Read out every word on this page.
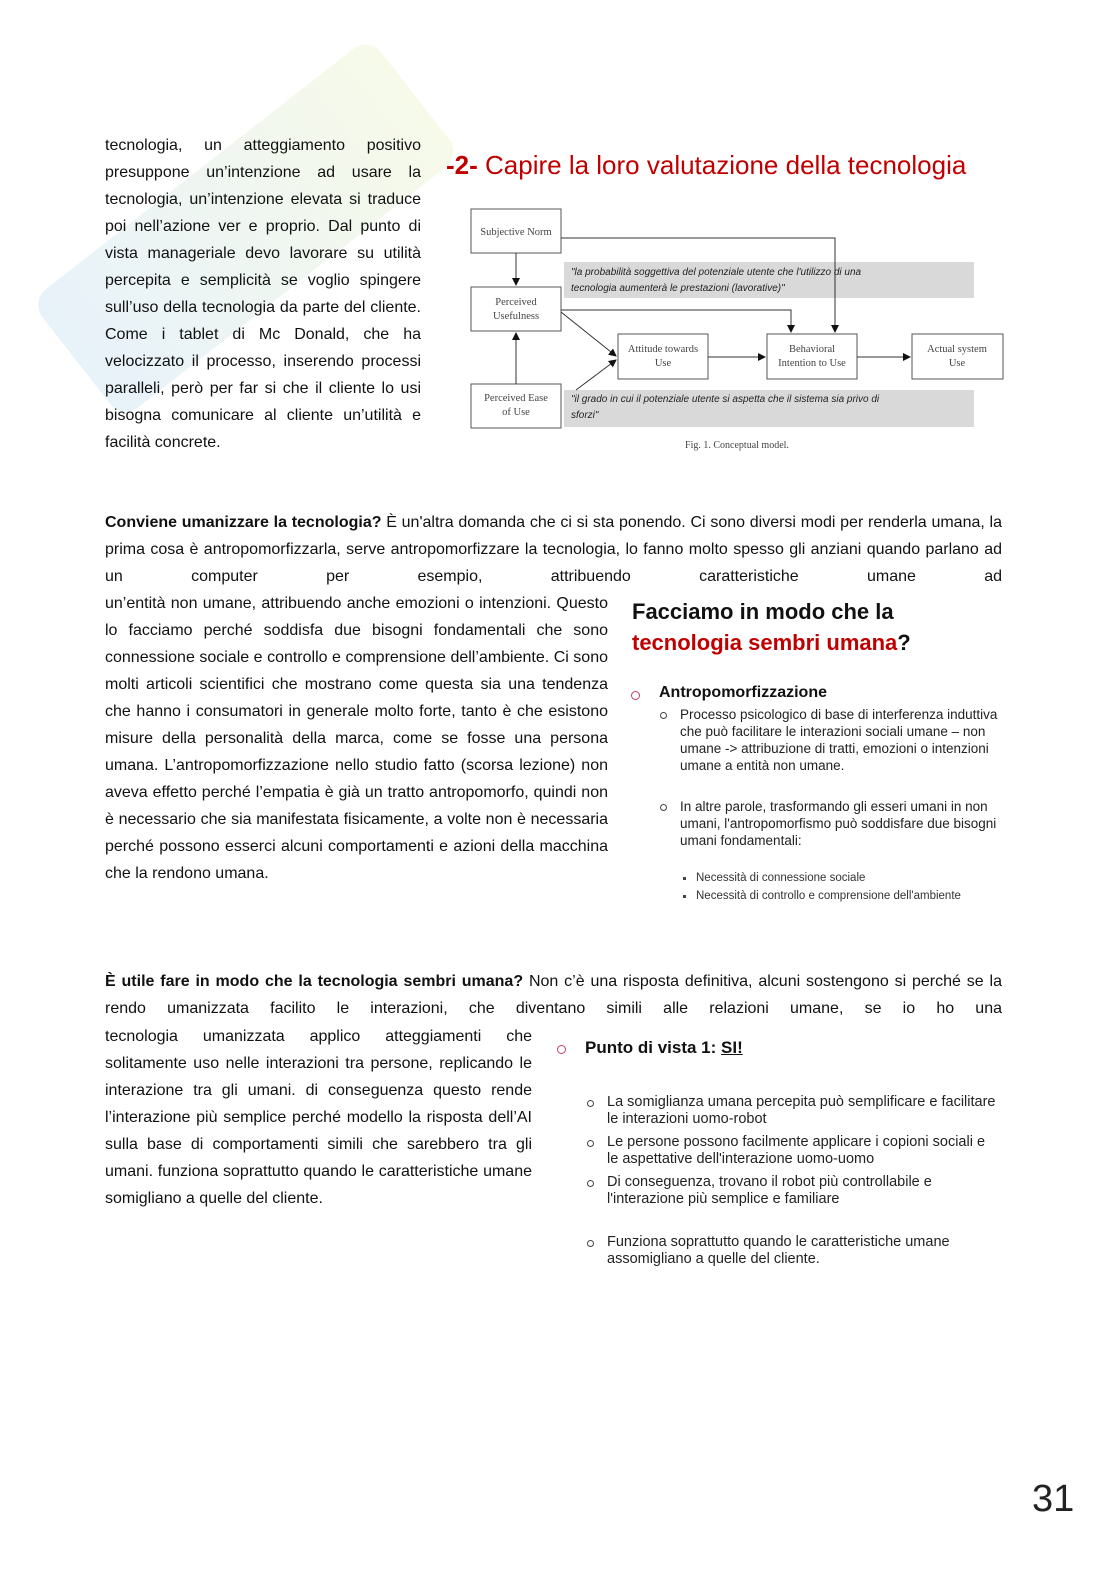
tecnologia, un atteggiamento positivo presuppone un’intenzione ad usare la tecnologia, un’intenzione elevata si traduce poi nell’azione ver e proprio. Dal punto di vista manageriale devo lavorare su utilità percepita e semplicità se voglio spingere sull’uso della tecnologia da parte del cliente. Come i tablet di Mc Donald, che ha velocizzato il processo, inserendo processi paralleli, però per far si che il cliente lo usi bisogna comunicare al cliente un’utilità e facilità concrete.
-2- Capire la loro valutazione della tecnologia
Subjective Norm
Perceived
Usefulness
Perceived Ease
of Use
Attitude towards
Use
Behavioral
Intention to Use
Actual system
Use
"la probabilità soggettiva del potenziale utente che l'utilizzo di una
tecnologia aumenterà le prestazioni (lavorative)"
"il grado in cui il potenziale utente si aspetta che il sistema sia privo di
sforzi"
Fig. 1. Conceptual model.
Conviene umanizzare la tecnologia? È un'altra domanda che ci si sta ponendo. Ci sono diversi modi per renderla umana, la prima cosa è antropomorfizzarla, serve antropomorfizzare la tecnologia, lo fanno molto spesso gli anziani quando parlano ad un computer per esempio, attribuendo caratteristiche umane ad
un’entità non umane, attribuendo anche emozioni o intenzioni. Questo lo facciamo perché soddisfa due bisogni fondamentali che sono connessione sociale e controllo e comprensione dell’ambiente. Ci sono molti articoli scientifici che mostrano come questa sia una tendenza che hanno i consumatori in generale molto forte, tanto è che esistono misure della personalità della marca, come se fosse una persona umana. L’antropomorfizzazione nello studio fatto (scorsa lezione) non aveva effetto perché l’empatia è già un tratto antropomorfo, quindi non è necessario che sia manifestata fisicamente, a volte non è necessaria perché possono esserci alcuni comportamenti e azioni della macchina che la rendono umana.
Facciamo in modo che la
tecnologia sembri umana?
Antropomorfizzazione
Processo psicologico di base di interferenza induttiva che può facilitare le interazioni sociali umane – non umane -> attribuzione di tratti, emozioni o intenzioni umane a entità non umane.
In altre parole, trasformando gli esseri umani in non umani, l'antropomorfismo può soddisfare due bisogni umani fondamentali:
Necessità di connessione sociale
Necessità di controllo e comprensione dell'ambiente
È utile fare in modo che la tecnologia sembri umana? Non c’è una risposta definitiva, alcuni sostengono si perché se la rendo umanizzata facilito le interazioni, che diventano simili alle relazioni umane, se io ho una
tecnologia umanizzata applico atteggiamenti che solitamente uso nelle interazioni tra persone, replicando le interazione tra gli umani. di conseguenza questo rende l’interazione più semplice perché modello la risposta dell’AI sulla base di comportamenti simili che sarebbero tra gli umani. funziona soprattutto quando le caratteristiche umane somigliano a quelle del cliente.
Punto di vista 1: SI!
La somiglianza umana percepita può semplificare e facilitare le interazioni uomo-robot
Le persone possono facilmente applicare i copioni sociali e le aspettative dell'interazione uomo-uomo
Di conseguenza, trovano il robot più controllabile e l'interazione più semplice e familiare
Funziona soprattutto quando le caratteristiche umane assomigliano a quelle del cliente.
31
